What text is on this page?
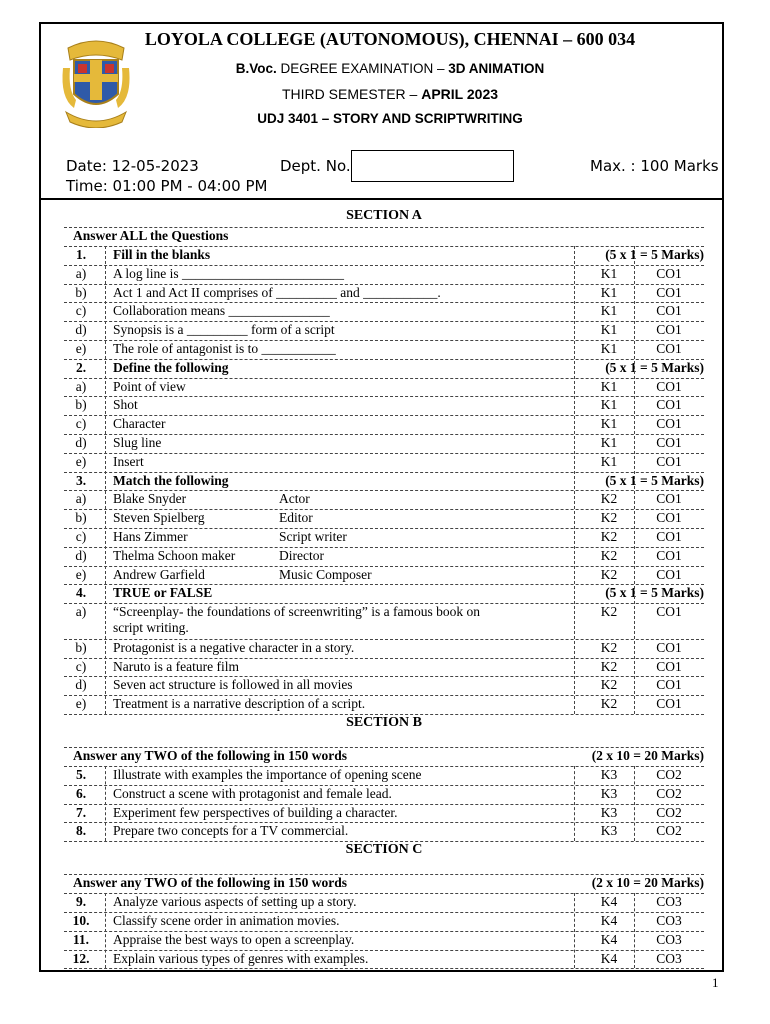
LOYOLA COLLEGE (AUTONOMOUS), CHENNAI – 600 034
B.Voc. DEGREE EXAMINATION – 3D ANIMATION
THIRD SEMESTER – APRIL 2023
UDJ 3401 – STORY AND SCRIPTWRITING
Date: 12-05-2023	Dept. No.	Max. : 100 Marks
Time: 01:00 PM - 04:00 PM
SECTION A
Answer ALL the Questions
1.	Fill in the blanks	(5 x 1 = 5 Marks)
a)	A log line is ________________________	K1	CO1
b)	Act 1 and Act II comprises of _________ and ___________.	K1	CO1
c)	Collaboration means _______________	K1	CO1
d)	Synopsis is a _________ form of a script	K1	CO1
e)	The role of antagonist is to ___________	K1	CO1
2.	Define the following	(5 x 1 = 5 Marks)
a)	Point of view	K1	CO1
b)	Shot	K1	CO1
c)	Character	K1	CO1
d)	Slug line	K1	CO1
e)	Insert	K1	CO1
3.	Match the following	(5 x 1 = 5 Marks)
a)	Blake Snyder	Actor	K2	CO1
b)	Steven Spielberg	Editor	K2	CO1
c)	Hans Zimmer	Script writer	K2	CO1
d)	Thelma Schoon maker	Director	K2	CO1
e)	Andrew Garfield	Music Composer	K2	CO1
4.	TRUE or FALSE	(5 x 1 = 5 Marks)
a)	“Screenplay- the foundations of screenwriting” is a famous book on	K2	CO1
script writing.
b)	Protagonist is a negative character in a story.	K2	CO1
c)	Naruto is a feature film	K2	CO1
d)	Seven act structure is followed in all movies	K2	CO1
e)	Treatment is a narrative description of a script.	K2	CO1
SECTION B
Answer any TWO of the following in 150 words	(2 x 10 = 20 Marks)
5.	Illustrate with examples the importance of opening scene	K3	CO2
6.	Construct a scene with protagonist and female lead.	K3	CO2
7.	Experiment few perspectives of building a character.	K3	CO2
8.	Prepare two concepts for a TV commercial.	K3	CO2
SECTION C
Answer any TWO of the following in 150 words	(2 x 10 = 20 Marks)
9.	Analyze various aspects of setting up a story.	K4	CO3
10.	Classify scene order in animation movies.	K4	CO3
11.	Appraise the best ways to open a screenplay.	K4	CO3
12.	Explain various types of genres with examples.	K4	CO3
1
